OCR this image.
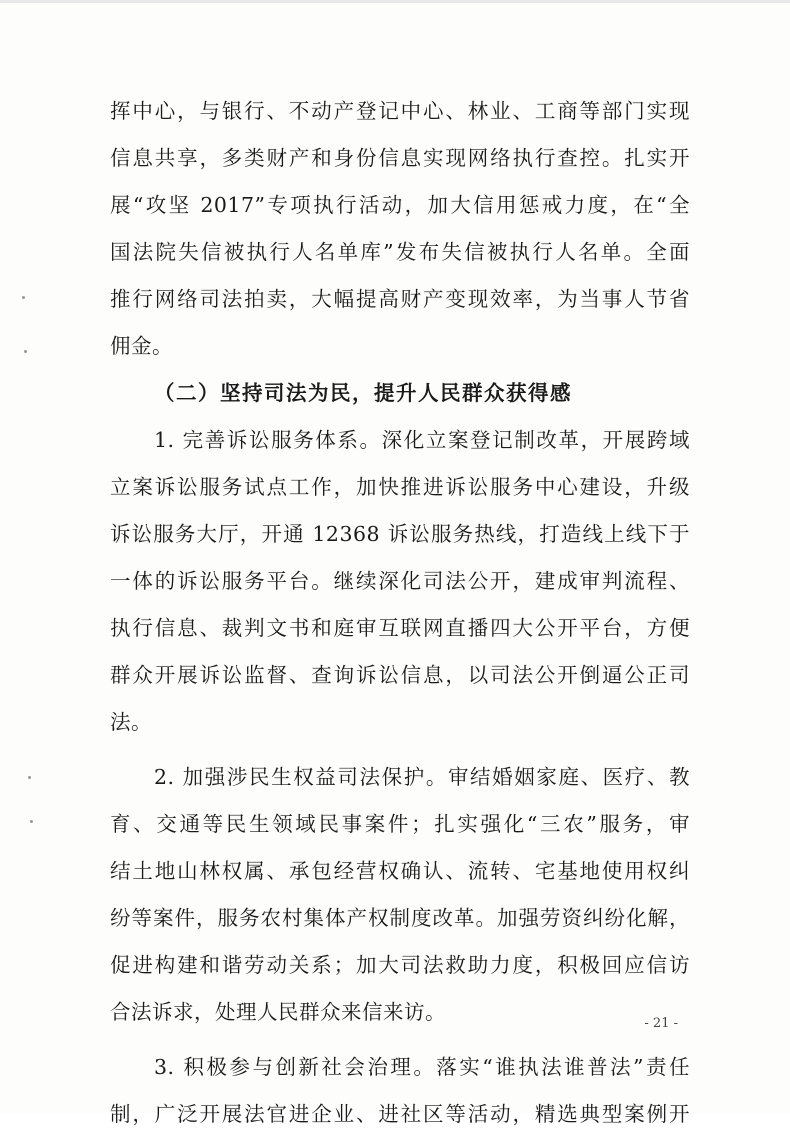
挥中心，与银行、不动产登记中心、林业、工商等部门实现
信息共享，多类财产和身份信息实现网络执行查控。扎实开
展“攻坚 2017”专项执行活动，加大信用惩戒力度，在“全
国法院失信被执行人名单库”发布失信被执行人名单。全面
推行网络司法拍卖，大幅提高财产变现效率，为当事人节省
佣金。
（二）坚持司法为民，提升人民群众获得感
1. 完善诉讼服务体系。深化立案登记制改革，开展跨域
立案诉讼服务试点工作，加快推进诉讼服务中心建设，升级
诉讼服务大厅，开通 12368 诉讼服务热线，打造线上线下于
一体的诉讼服务平台。继续深化司法公开，建成审判流程、
执行信息、裁判文书和庭审互联网直播四大公开平台，方便
群众开展诉讼监督、查询诉讼信息，以司法公开倒逼公正司
法。
2. 加强涉民生权益司法保护。审结婚姻家庭、医疗、教
育、交通等民生领域民事案件；扎实强化“三农”服务，审
结土地山林权属、承包经营权确认、流转、宅基地使用权纠
纷等案件，服务农村集体产权制度改革。加强劳资纠纷化解，
促进构建和谐劳动关系；加大司法救助力度，积极回应信访
合法诉求，处理人民群众来信来访。
3. 积极参与创新社会治理。落实“谁执法谁普法”责任
制，广泛开展法官进企业、进社区等活动，精选典型案例开
- 21 -
